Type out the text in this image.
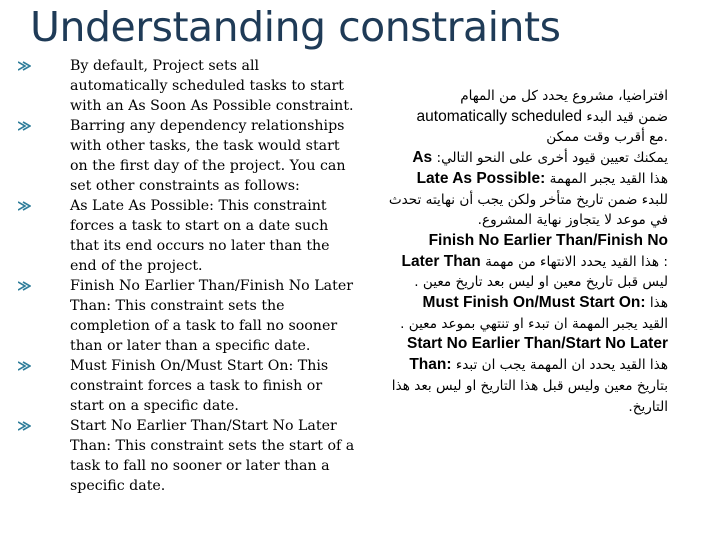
Understanding constraints
By default, Project sets all automatically scheduled tasks to start with an As Soon As Possible constraint.
Barring any dependency relationships with other tasks, the task would start on the first day of the project. You can set other constraints as follows:
As Late As Possible: This constraint forces a task to start on a date such that its end occurs no later than the end of the project.
Finish No Earlier Than/Finish No Later Than: This constraint sets the completion of a task to fall no sooner than or later than a specific date.
Must Finish On/Must Start On: This constraint forces a task to finish or start on a specific date.
Start No Earlier Than/Start No Later Than: This constraint sets the start of a task to fall no sooner or later than a specific date.

افتراضيا، مشروع يحدد كل من المهام

ضمن قيد البدء automatically scheduled

.مع أقرب وقت ممكن

يمكنك تعيين قيود أخرى على النحو التالي: As

هذا القيد يجبر المهمة Late As Possible:

للبدء ضمن تاريخ متأخر ولكن يجب أن نهايته تحدث

في موعد لا يتجاوز نهاية المشروع.

Finish No Earlier Than/Finish No

: هذا القيد يحدد الانتهاء من مهمة Later Than

ليس قبل تاريخ معين او ليس بعد تاريخ معين .

هذا Must Finish On/Must Start On:

القيد يجبر المهمة ان تبدء او تنتهي بموعد معين .

Start No Earlier Than/Start No Later

هذا القيد يحدد ان المهمة يجب ان تبدء Than:

بتاريخ معين وليس قبل هذا التاريخ او ليس بعد هذا

التاريخ.
